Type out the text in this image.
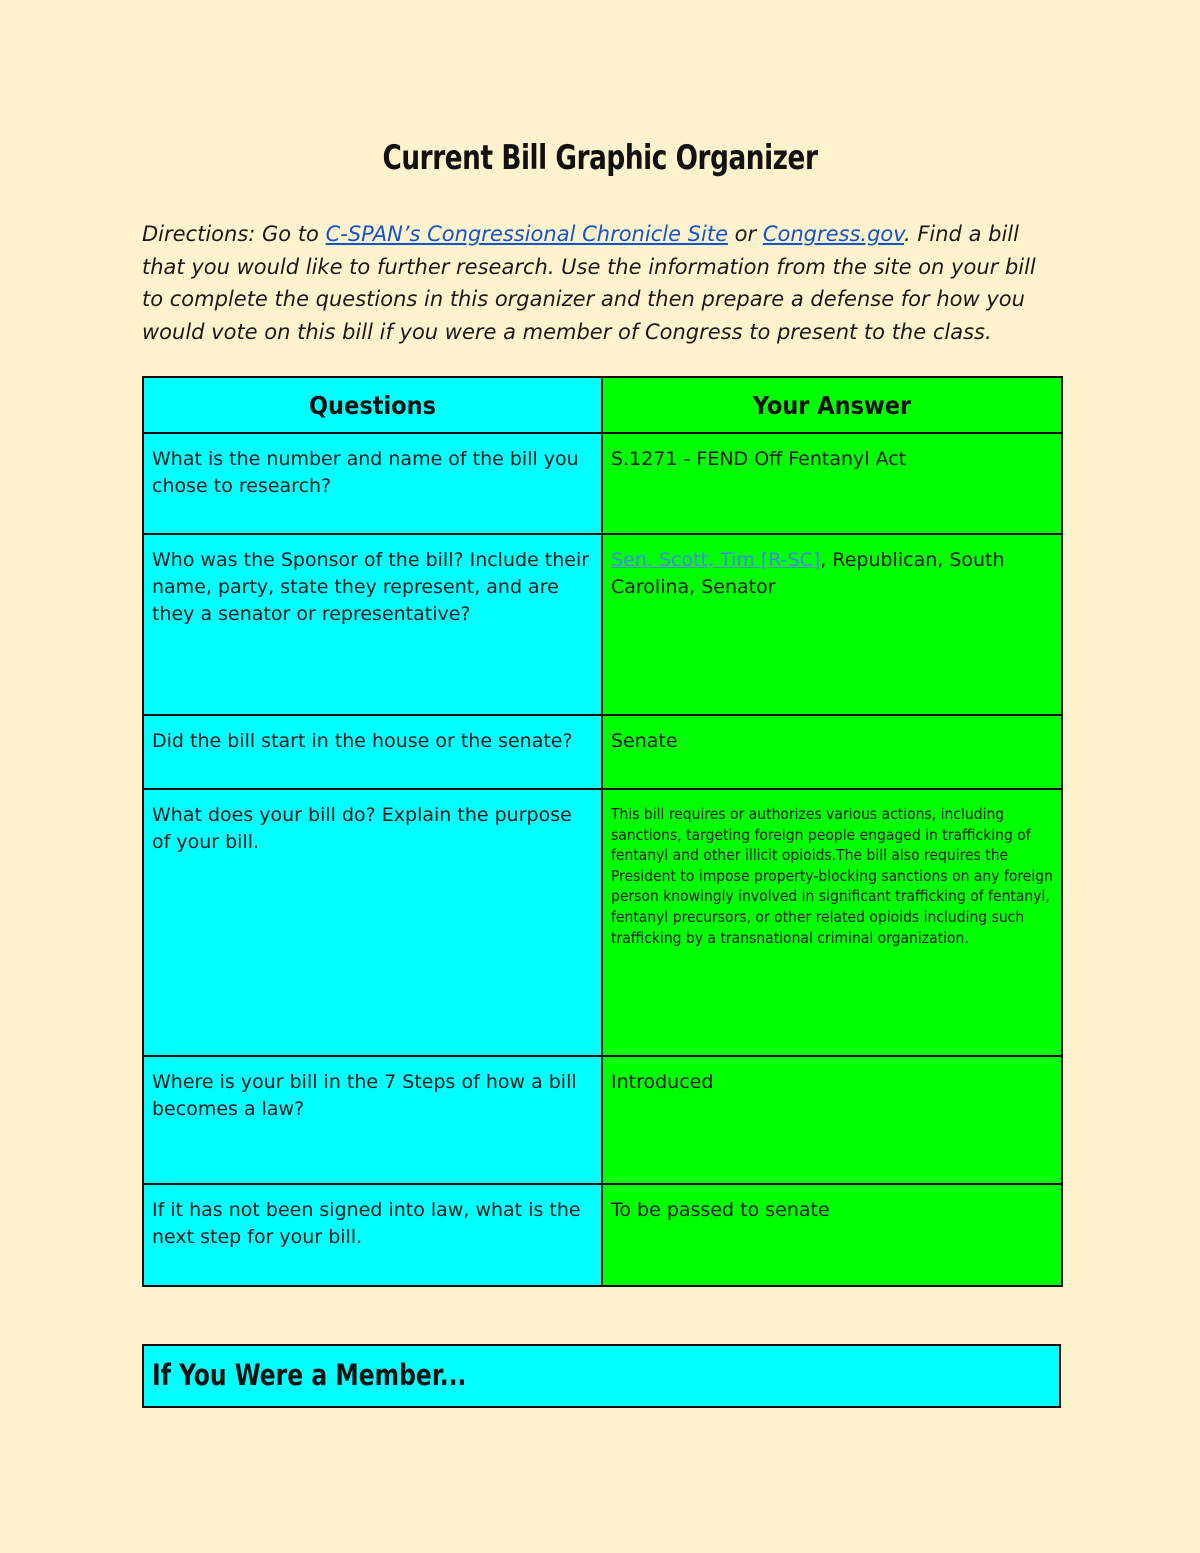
Current Bill Graphic Organizer
Directions: Go to C-SPAN’s Congressional Chronicle Site or Congress.gov. Find a bill that you would like to further research. Use the information from the site on your bill to complete the questions in this organizer and then prepare a defense for how you would vote on this bill if you were a member of Congress to present to the class.
Questions	Your Answer

What is the number and name of the bill you chose to research?	S.1271 - FEND Off Fentanyl Act

Who was the Sponsor of the bill? Include their name, party, state they represent, and are they a senator or representative?	Sen. Scott, Tim [R-SC], Republican, South Carolina, Senator

Did the bill start in the house or the senate?	Senate

What does your bill do? Explain the purpose of your bill.	This bill requires or authorizes various actions, including sanctions, targeting foreign people engaged in trafficking of fentanyl and other illicit opioids.The bill also requires the President to impose property-blocking sanctions on any foreign person knowingly involved in significant trafficking of fentanyl, fentanyl precursors, or other related opioids including such trafficking by a transnational criminal organization.

Where is your bill in the 7 Steps of how a bill becomes a law?	Introduced

If it has not been signed into law, what is the next step for your bill.	To be passed to senate
If You Were a Member...
